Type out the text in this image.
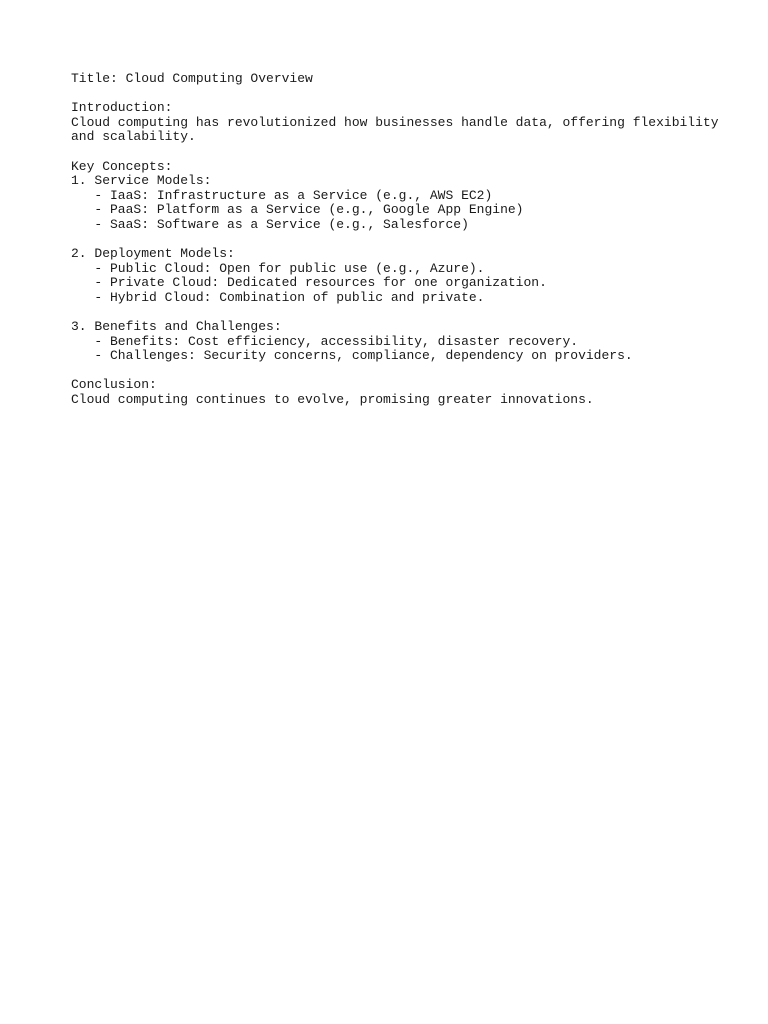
Title: Cloud Computing Overview
Introduction:
Cloud computing has revolutionized how businesses handle data, offering flexibility
and scalability.
Key Concepts:
1. Service Models:
- IaaS: Infrastructure as a Service (e.g., AWS EC2)
- PaaS: Platform as a Service (e.g., Google App Engine)
- SaaS: Software as a Service (e.g., Salesforce)
2. Deployment Models:
- Public Cloud: Open for public use (e.g., Azure).
- Private Cloud: Dedicated resources for one organization.
- Hybrid Cloud: Combination of public and private.
3. Benefits and Challenges:
- Benefits: Cost efficiency, accessibility, disaster recovery.
- Challenges: Security concerns, compliance, dependency on providers.
Conclusion:
Cloud computing continues to evolve, promising greater innovations.
